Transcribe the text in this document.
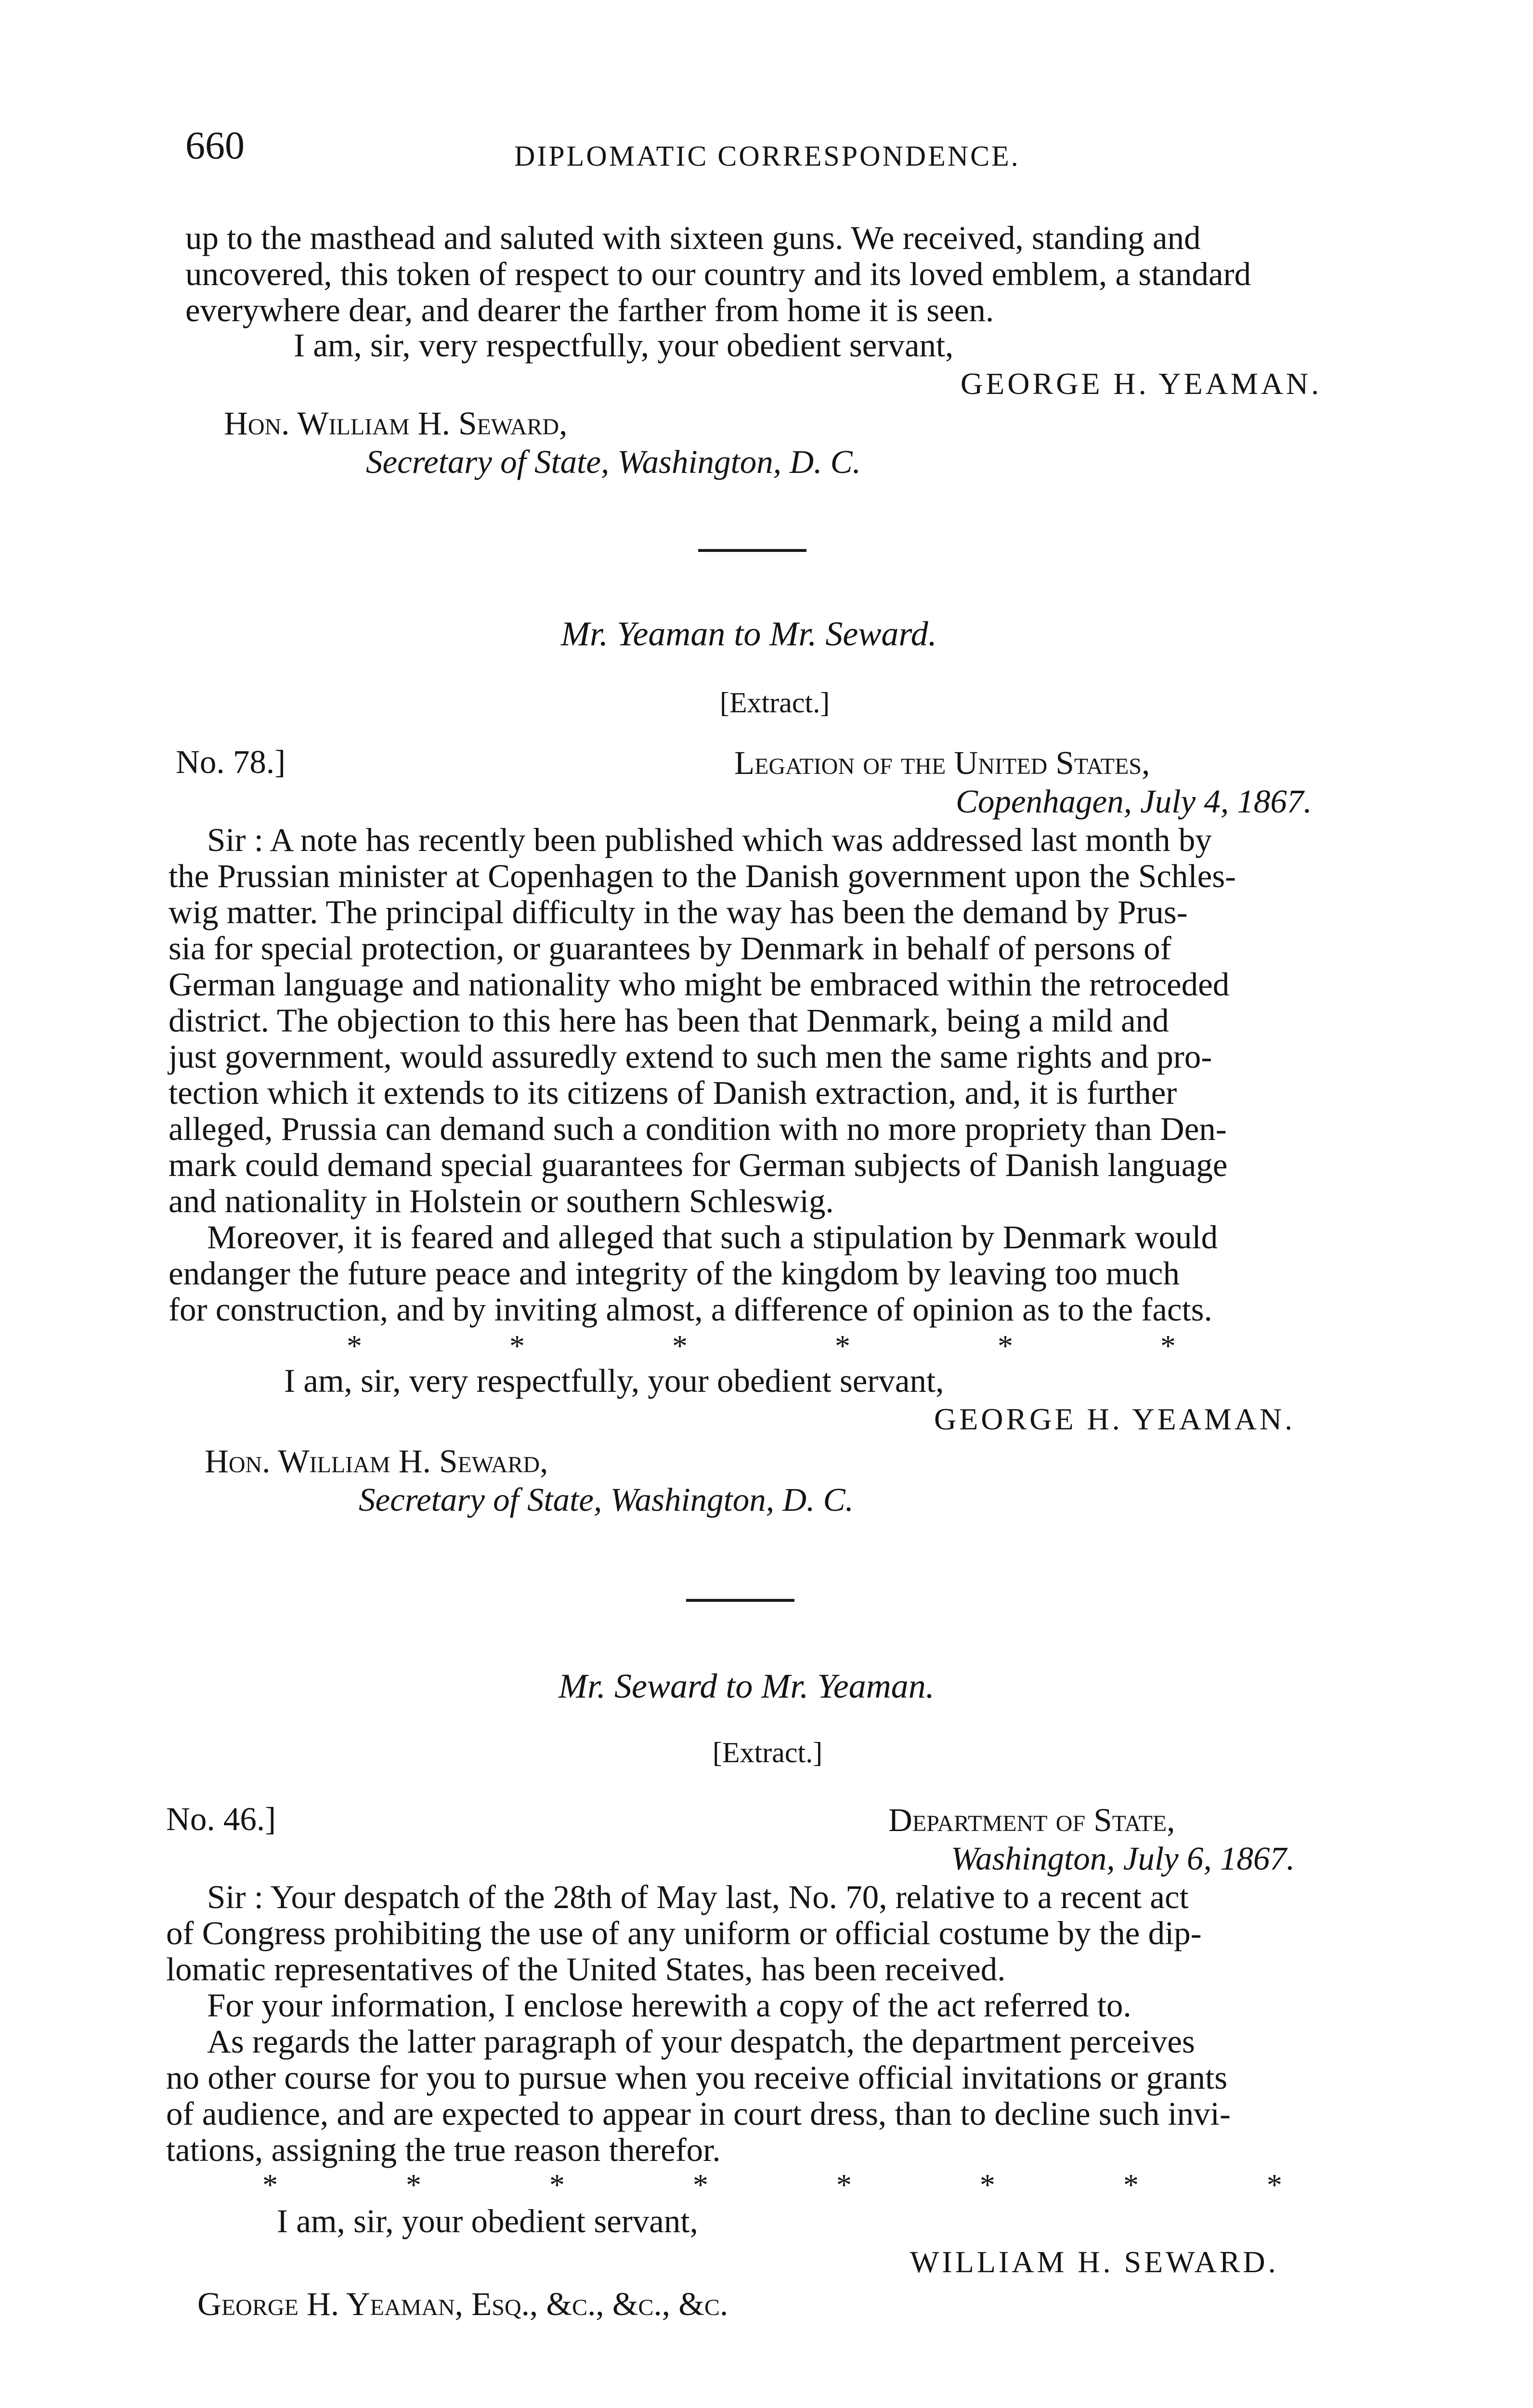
660	DIPLOMATIC CORRESPONDENCE.
up to the masthead and saluted with sixteen guns. We received, standing and
uncovered, this token of respect to our country and its loved emblem, a standard
everywhere dear, and dearer the farther from home it is seen.
I am, sir, very respectfully, your obedient servant,
GEORGE H. YEAMAN.
Hon. William H. Seward,
Secretary of State, Washington, D. C.
Mr. Yeaman to Mr. Seward.
[Extract.]
No. 78.]	Legation of the United States,
Copenhagen, July 4, 1867.
Sir : A note has recently been published which was addressed last month by
the Prussian minister at Copenhagen to the Danish government upon the Schles-
wig matter. The principal difficulty in the way has been the demand by Prus-
sia for special protection, or guarantees by Denmark in behalf of persons of
German language and nationality who might be embraced within the retroceded
district. The objection to this here has been that Denmark, being a mild and
just government, would assuredly extend to such men the same rights and pro-
tection which it extends to its citizens of Danish extraction, and, it is further
alleged, Prussia can demand such a condition with no more propriety than Den-
mark could demand special guarantees for German subjects of Danish language
and nationality in Holstein or southern Schleswig.
Moreover, it is feared and alleged that such a stipulation by Denmark would
endanger the future peace and integrity of the kingdom by leaving too much
for construction, and by inviting almost, a difference of opinion as to the facts.
* * * * * *
I am, sir, very respectfully, your obedient servant,
GEORGE H. YEAMAN.
Hon. William H. Seward,
Secretary of State, Washington, D. C.
Mr. Seward to Mr. Yeaman.
[Extract.]
No. 46.]	Department of State,
Washington, July 6, 1867.
Sir : Your despatch of the 28th of May last, No. 70, relative to a recent act
of Congress prohibiting the use of any uniform or official costume by the dip-
lomatic representatives of the United States, has been received.
For your information, I enclose herewith a copy of the act referred to.
As regards the latter paragraph of your despatch, the department perceives
no other course for you to pursue when you receive official invitations or grants
of audience, and are expected to appear in court dress, than to decline such invi-
tations, assigning the true reason therefor.
* * * * * * * *
I am, sir, your obedient servant,
WILLIAM H. SEWARD.
George H. Yeaman, Esq., &c., &c., &c.
